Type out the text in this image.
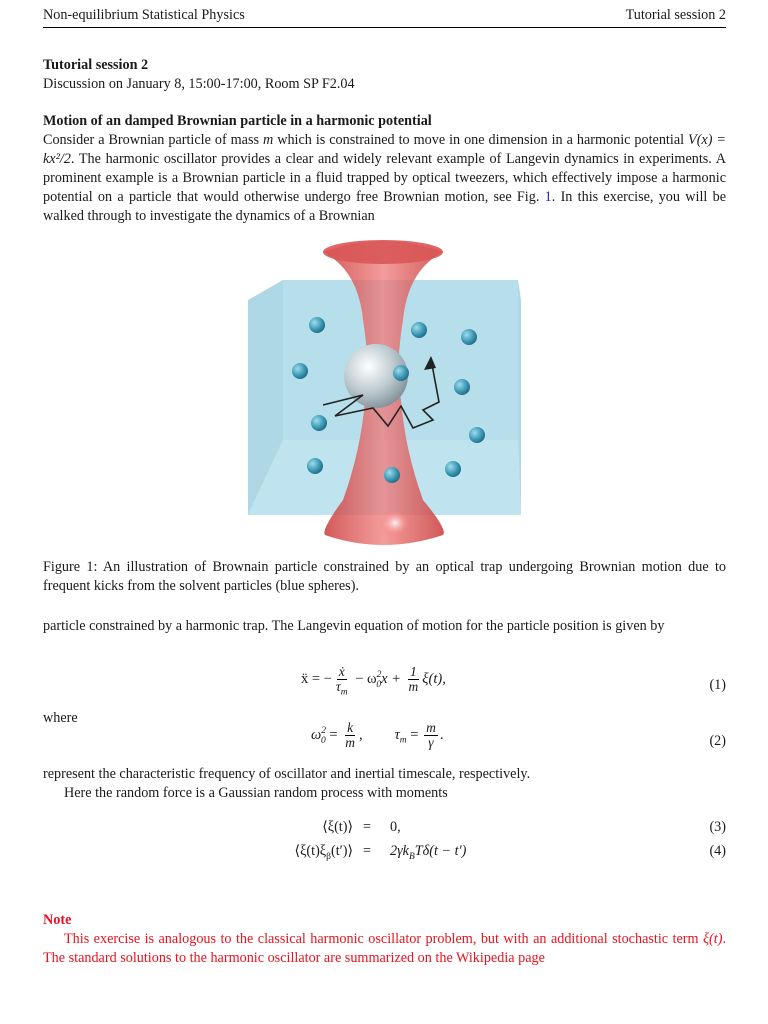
Non-equilibrium Statistical Physics	Tutorial session 2
Tutorial session 2
Discussion on January 8, 15:00-17:00, Room SP F2.04
Motion of an damped Brownian particle in a harmonic potential

Consider a Brownian particle of mass m which is constrained to move in one dimension in a harmonic potential V(x) = kx²/2. The harmonic oscillator provides a clear and widely relevant example of Langevin dynamics in experiments. A prominent example is a Brownian particle in a fluid trapped by optical tweezers, which effectively impose a harmonic potential on a particle that would otherwise undergo free Brownian motion, see Fig. 1. In this exercise, you will be walked through to investigate the dynamics of a Brownian

Figure 1: An illustration of Brownain particle constrained by an optical trap undergoing Brownian motion due to frequent kicks from the solvent particles (blue spheres).

particle constrained by a harmonic trap. The Langevin equation of motion for the particle position is given by

ẍ = − $\frac{\text{ẋ}}{\tau_m} - \omega^2_0x + \frac{1}{m} \xi(t)$,	(1)
where
$\omega^2_0 = \frac{k}{m}$ , $\tau_m = \frac{m}{\gamma}$ .	(2)
represent the characteristic frequency of oscillator and inertial timescale, respectively.
Here the random force is a Gaussian random process with moments
⟨ξ(t)⟩ = 0,	(3)
$⟨\xi(t)\xi_\beta(t')⟩ = 2\gamma k_BT\delta(t - t')$	(4)
Note

This exercise is analogous to the classical harmonic oscillator problem, but with an additional stochastic term ξ(t). The standard solutions to the harmonic oscillator are summarized on the Wikipedia page
